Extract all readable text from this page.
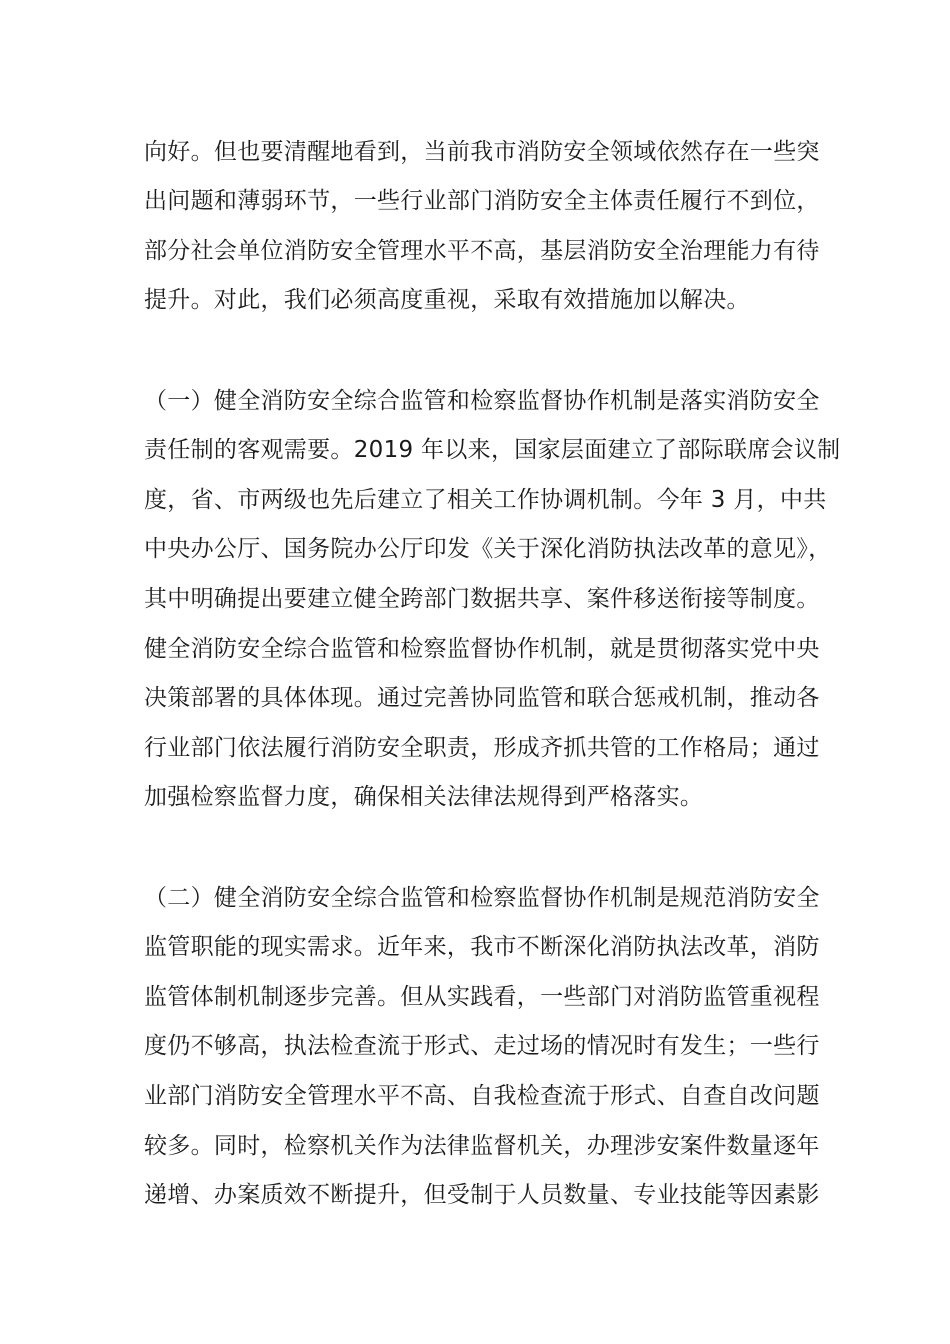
向好。但也要清醒地看到，当前我市消防安全领域依然存在一些突
出问题和薄弱环节，一些行业部门消防安全主体责任履行不到位，
部分社会单位消防安全管理水平不高，基层消防安全治理能力有待
提升。对此，我们必须高度重视，采取有效措施加以解决。
（一）健全消防安全综合监管和检察监督协作机制是落实消防安全
责任制的客观需要。2019 年以来，国家层面建立了部际联席会议制
度，省、市两级也先后建立了相关工作协调机制。今年 3 月，中共
中央办公厅、国务院办公厅印发《关于深化消防执法改革的意见》，
其中明确提出要建立健全跨部门数据共享、案件移送衔接等制度。
健全消防安全综合监管和检察监督协作机制，就是贯彻落实党中央
决策部署的具体体现。通过完善协同监管和联合惩戒机制，推动各
行业部门依法履行消防安全职责，形成齐抓共管的工作格局；通过
加强检察监督力度，确保相关法律法规得到严格落实。
（二）健全消防安全综合监管和检察监督协作机制是规范消防安全
监管职能的现实需求。近年来，我市不断深化消防执法改革，消防
监管体制机制逐步完善。但从实践看，一些部门对消防监管重视程
度仍不够高，执法检查流于形式、走过场的情况时有发生；一些行
业部门消防安全管理水平不高、自我检查流于形式、自查自改问题
较多。同时，检察机关作为法律监督机关，办理涉安案件数量逐年
递增、办案质效不断提升，但受制于人员数量、专业技能等因素影
